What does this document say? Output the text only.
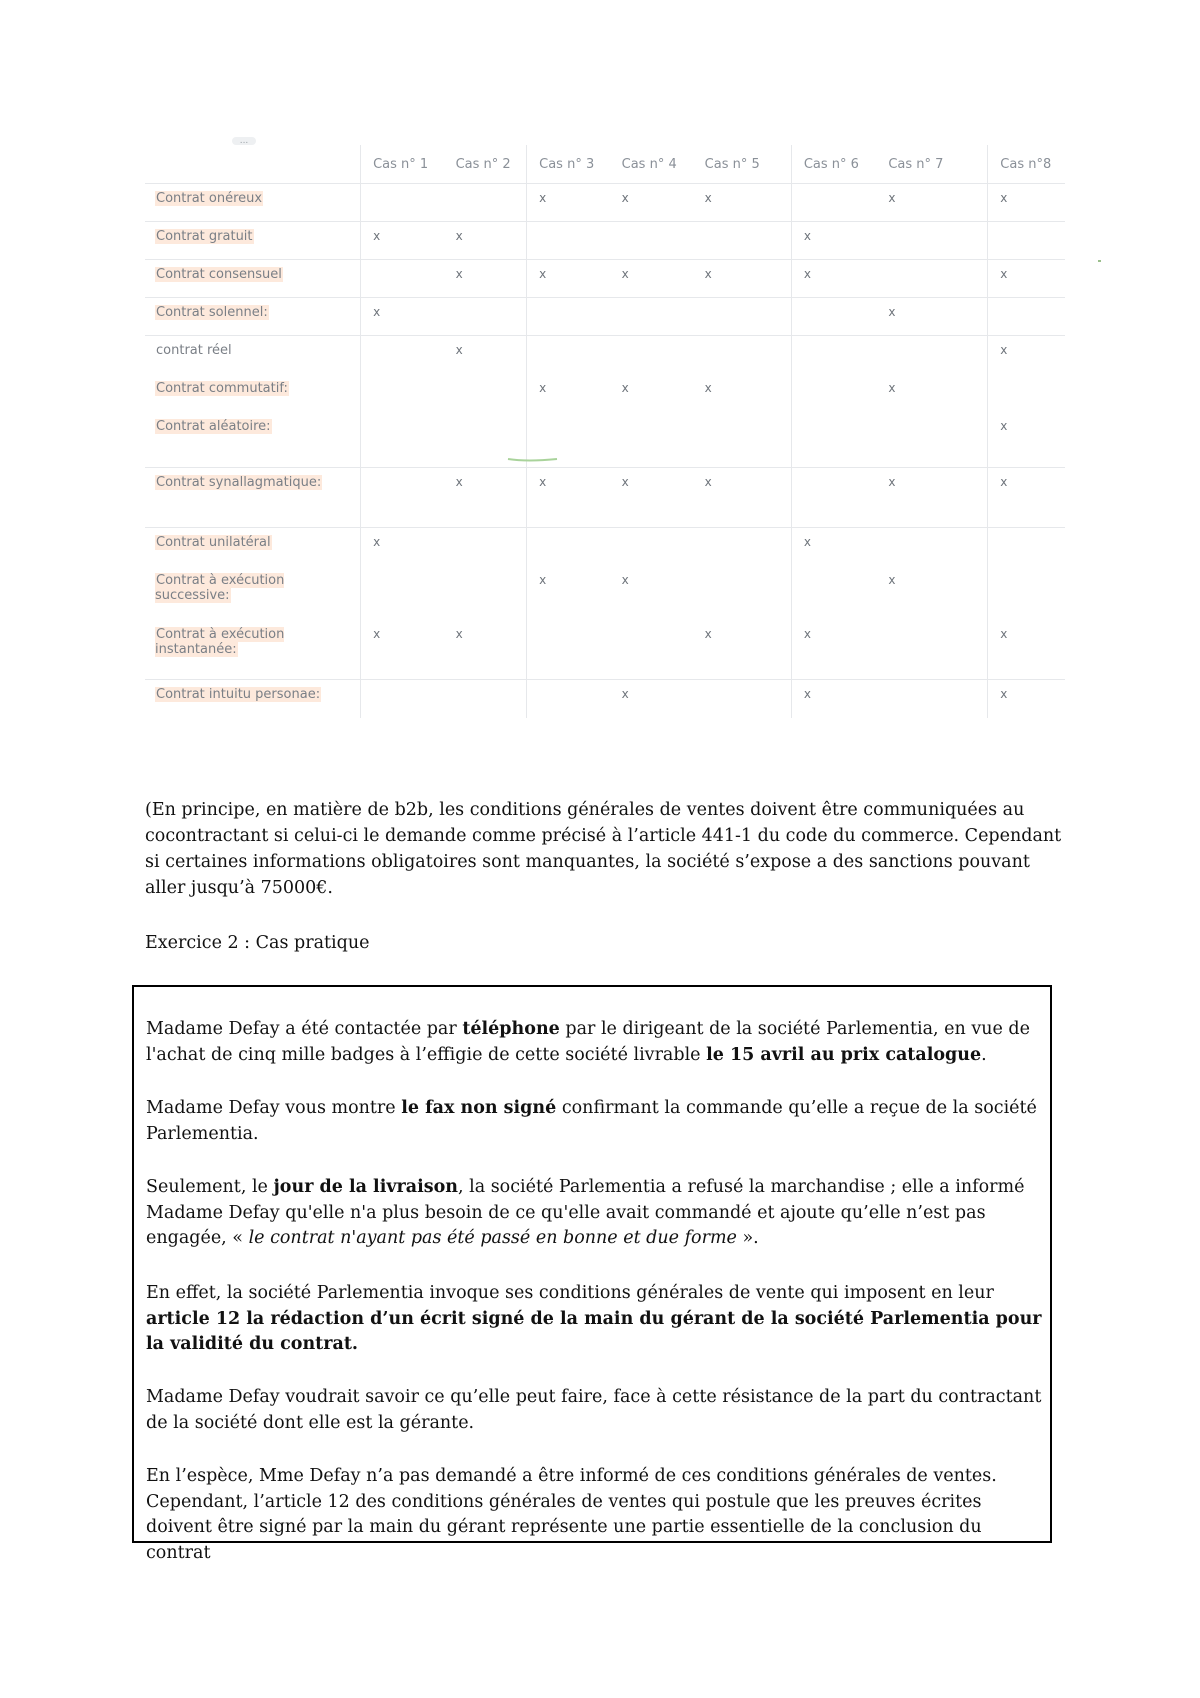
...
	Cas n° 1	Cas n° 2	Cas n° 3	Cas n° 4	Cas n° 5	Cas n° 6	Cas n° 7	Cas n°8
Contrat onéreux			x	x	x		x	x
Contrat gratuit	x	x				x		
Contrat consensuel		x	x	x	x	x		x
Contrat solennel:	x						x	
contrat réel		x						x
Contrat commutatif:			x	x	x		x	
Contrat aléatoire:								x
Contrat synallagmatique:		x	x	x	x		x	x
Contrat unilatéral	x					x		
Contrat à exécution successive:			x	x			x	
Contrat à exécution instantanée:	x	x			x	x		x
Contrat intuitu personae:				x		x		x
(En principe, en matière de b2b, les conditions générales de ventes doivent être communiquées au cocontractant si celui-ci le demande comme précisé à l’article 441-1 du code du commerce. Cependant si certaines informations obligatoires sont manquantes, la société s’expose a des sanctions pouvant aller jusqu’à 75000€.
Exercice 2 : Cas pratique

Madame Defay a été contactée par téléphone par le dirigeant de la société Parlementia, en vue de l'achat de cinq mille badges à l’effigie de cette société livrable le 15 avril au prix catalogue.

Madame Defay vous montre le fax non signé confirmant la commande qu’elle a reçue de la société Parlementia.

Seulement, le jour de la livraison, la société Parlementia a refusé la marchandise ; elle a informé Madame Defay qu'elle n'a plus besoin de ce qu'elle avait commandé et ajoute qu’elle n’est pas engagée, « le contrat n'ayant pas été passé en bonne et due forme ».

En effet, la société Parlementia invoque ses conditions générales de vente qui imposent en leur article 12 la rédaction d’un écrit signé de la main du gérant de la société Parlementia pour la validité du contrat.

Madame Defay voudrait savoir ce qu’elle peut faire, face à cette résistance de la part du contractant de la société dont elle est la gérante.

En l’espèce, Mme Defay n’a pas demandé a être informé de ces conditions générales de ventes. Cependant, l’article 12 des conditions générales de ventes qui postule que les preuves écrites doivent être signé par la main du gérant représente une partie essentielle de la conclusion du contrat
